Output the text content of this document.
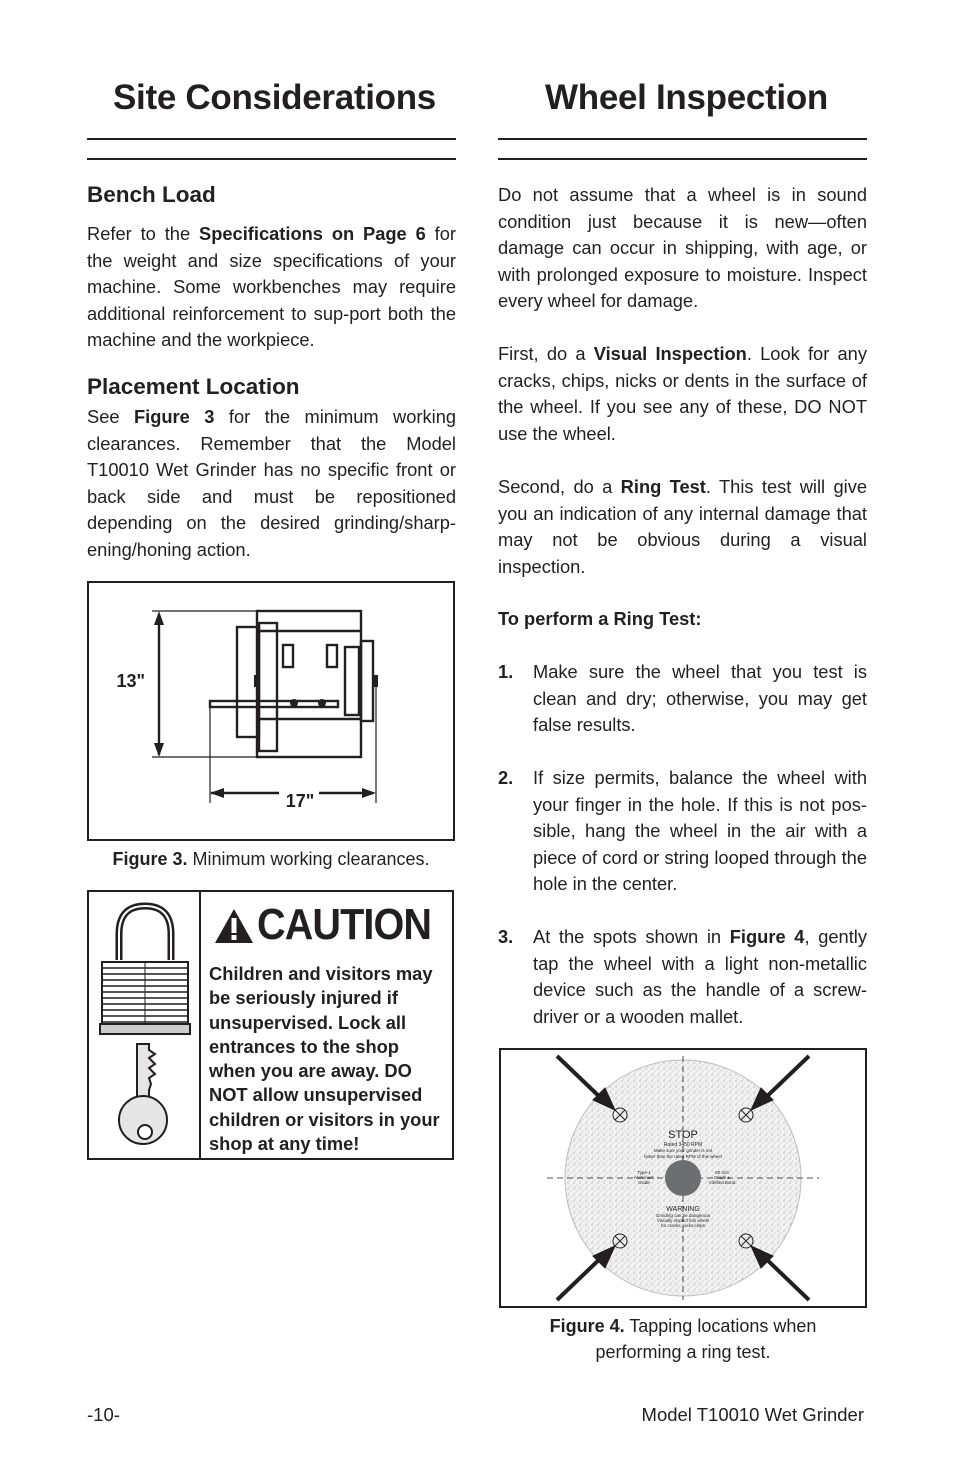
Site Considerations
Bench Load

Refer to the Specifications on Page 6 for the weight and size specifications of your machine. Some workbenches may require additional reinforcement to sup-port both the machine and the workpiece.

Placement Location

See Figure 3 for the minimum working clearances. Remember that the Model T10010 Wet Grinder has no specific front or back side and must be repositioned depending on the desired grinding/sharp-ening/honing action.

13"
17"

Figure 3. Minimum working clearances.

CAUTION

Children and visitors may be seriously injured if unsupervised. Lock all entrances to the shop when you are away. DO NOT allow unsupervised children or visitors in your shop at any time!

Wheel Inspection

Do not assume that a wheel is in sound condition just because it is new—often damage can occur in shipping, with age, or with prolonged exposure to moisture. Inspect every wheel for damage.

First, do a Visual Inspection. Look for any cracks, chips, nicks or dents in the surface of the wheel. If you see any of these, DO NOT use the wheel.

Second, do a Ring Test. This test will give you an indication of any internal damage that may not be obvious during a visual inspection.

To perform a Ring Test:

1. Make sure the wheel that you test is clean and dry; otherwise, you may get false results.

2. If size permits, balance the wheel with your finger in the hole. If this is not pos-sible, hang the wheel in the air with a piece of cord or string looped through the hole in the center.

3. At the spots shown in Figure 4, gently tap the wheel with a light non-metallic device such as the handle of a screw-driver or a wooden mallet.

STOP
Rated 3450 RPM
Make sure your grinder is not
faster than the rated RPM of this wheel
Type-1
Aluminum
Oxide
60 Grit
Grade L
Vitrified Bond
WARNING
Grinding can be dangerous
Visually inspect this wheel
for cracks, nicks,chips

Figure 4. Tapping locations when
performing a ring test.

-10-	Model T10010 Wet Grinder
